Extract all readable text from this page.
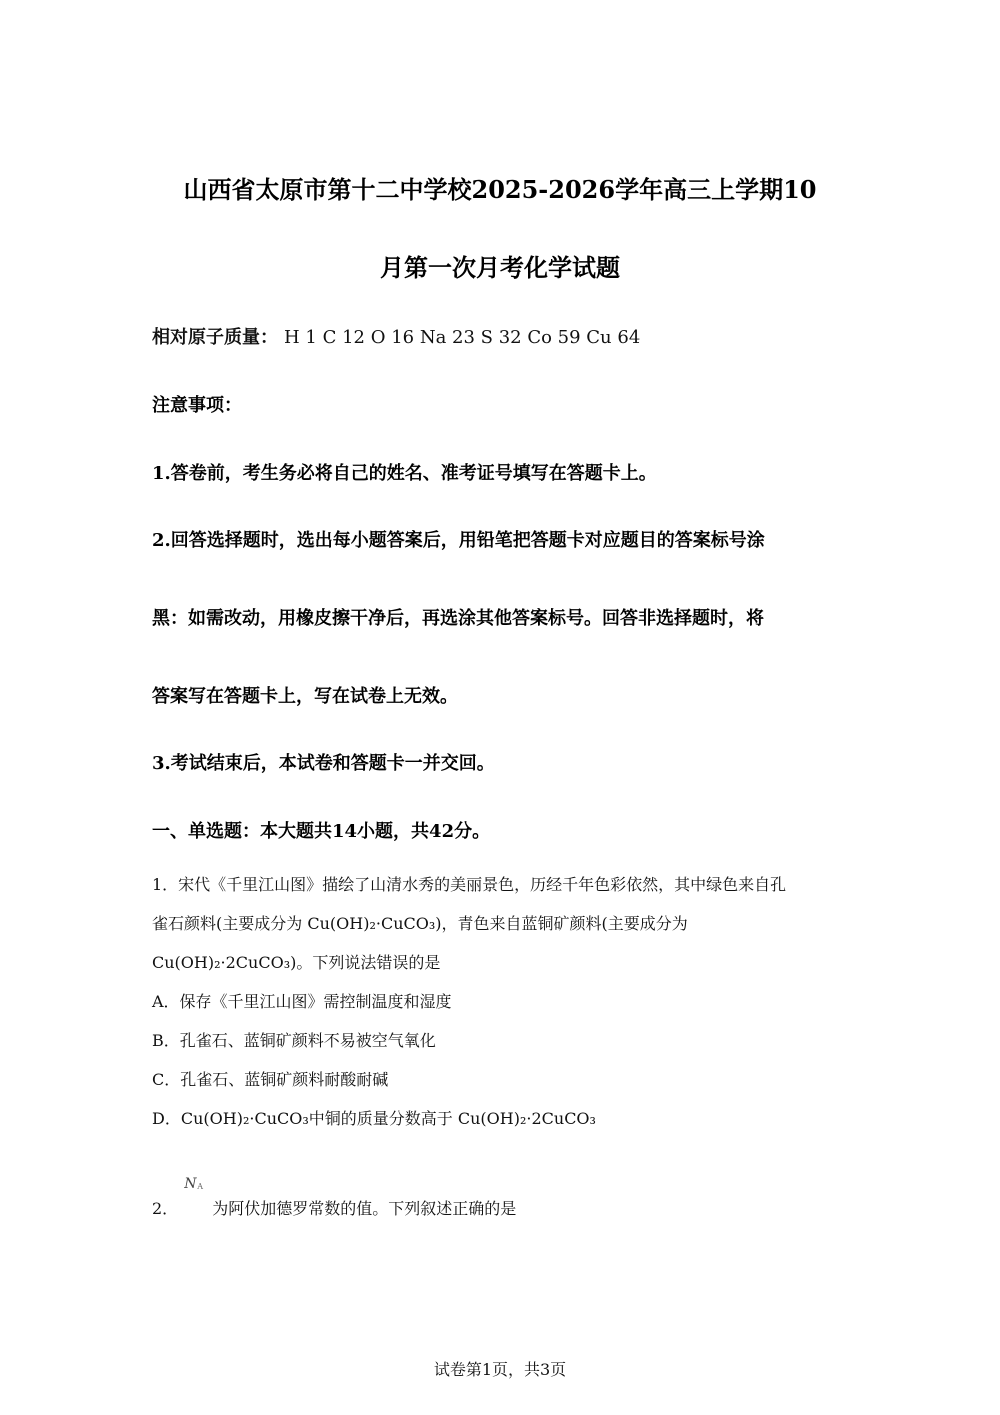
山西省太原市第十二中学校2025-2026学年高三上学期10
月第一次月考化学试题
相对原子质量： H 1 C 12 O 16 Na 23 S 32 Co 59 Cu 64
注意事项：
1.答卷前，考生务必将自己的姓名、准考证号填写在答题卡上。
2.回答选择题时，选出每小题答案后，用铅笔把答题卡对应题目的答案标号涂
黑：如需改动，用橡皮擦干净后，再选涂其他答案标号。回答非选择题时，将
答案写在答题卡上，写在试卷上无效。
3.考试结束后，本试卷和答题卡一并交回。
一、单选题：本大题共14小题，共42分。
1．宋代《千里江山图》描绘了山清水秀的美丽景色，历经千年色彩依然，其中绿色来自孔
雀石颜料(主要成分为 Cu(OH)₂·CuCO₃)，青色来自蓝铜矿颜料(主要成分为
Cu(OH)₂·2CuCO₃)。下列说法错误的是
A．保存《千里江山图》需控制温度和湿度
B．孔雀石、蓝铜矿颜料不易被空气氧化
C．孔雀石、蓝铜矿颜料耐酸耐碱
D．Cu(OH)₂·CuCO₃中铜的质量分数高于 Cu(OH)₂·2CuCO₃
2．
N A
为阿伏加德罗常数的值。下列叙述正确的是
试卷第1页，共3页
